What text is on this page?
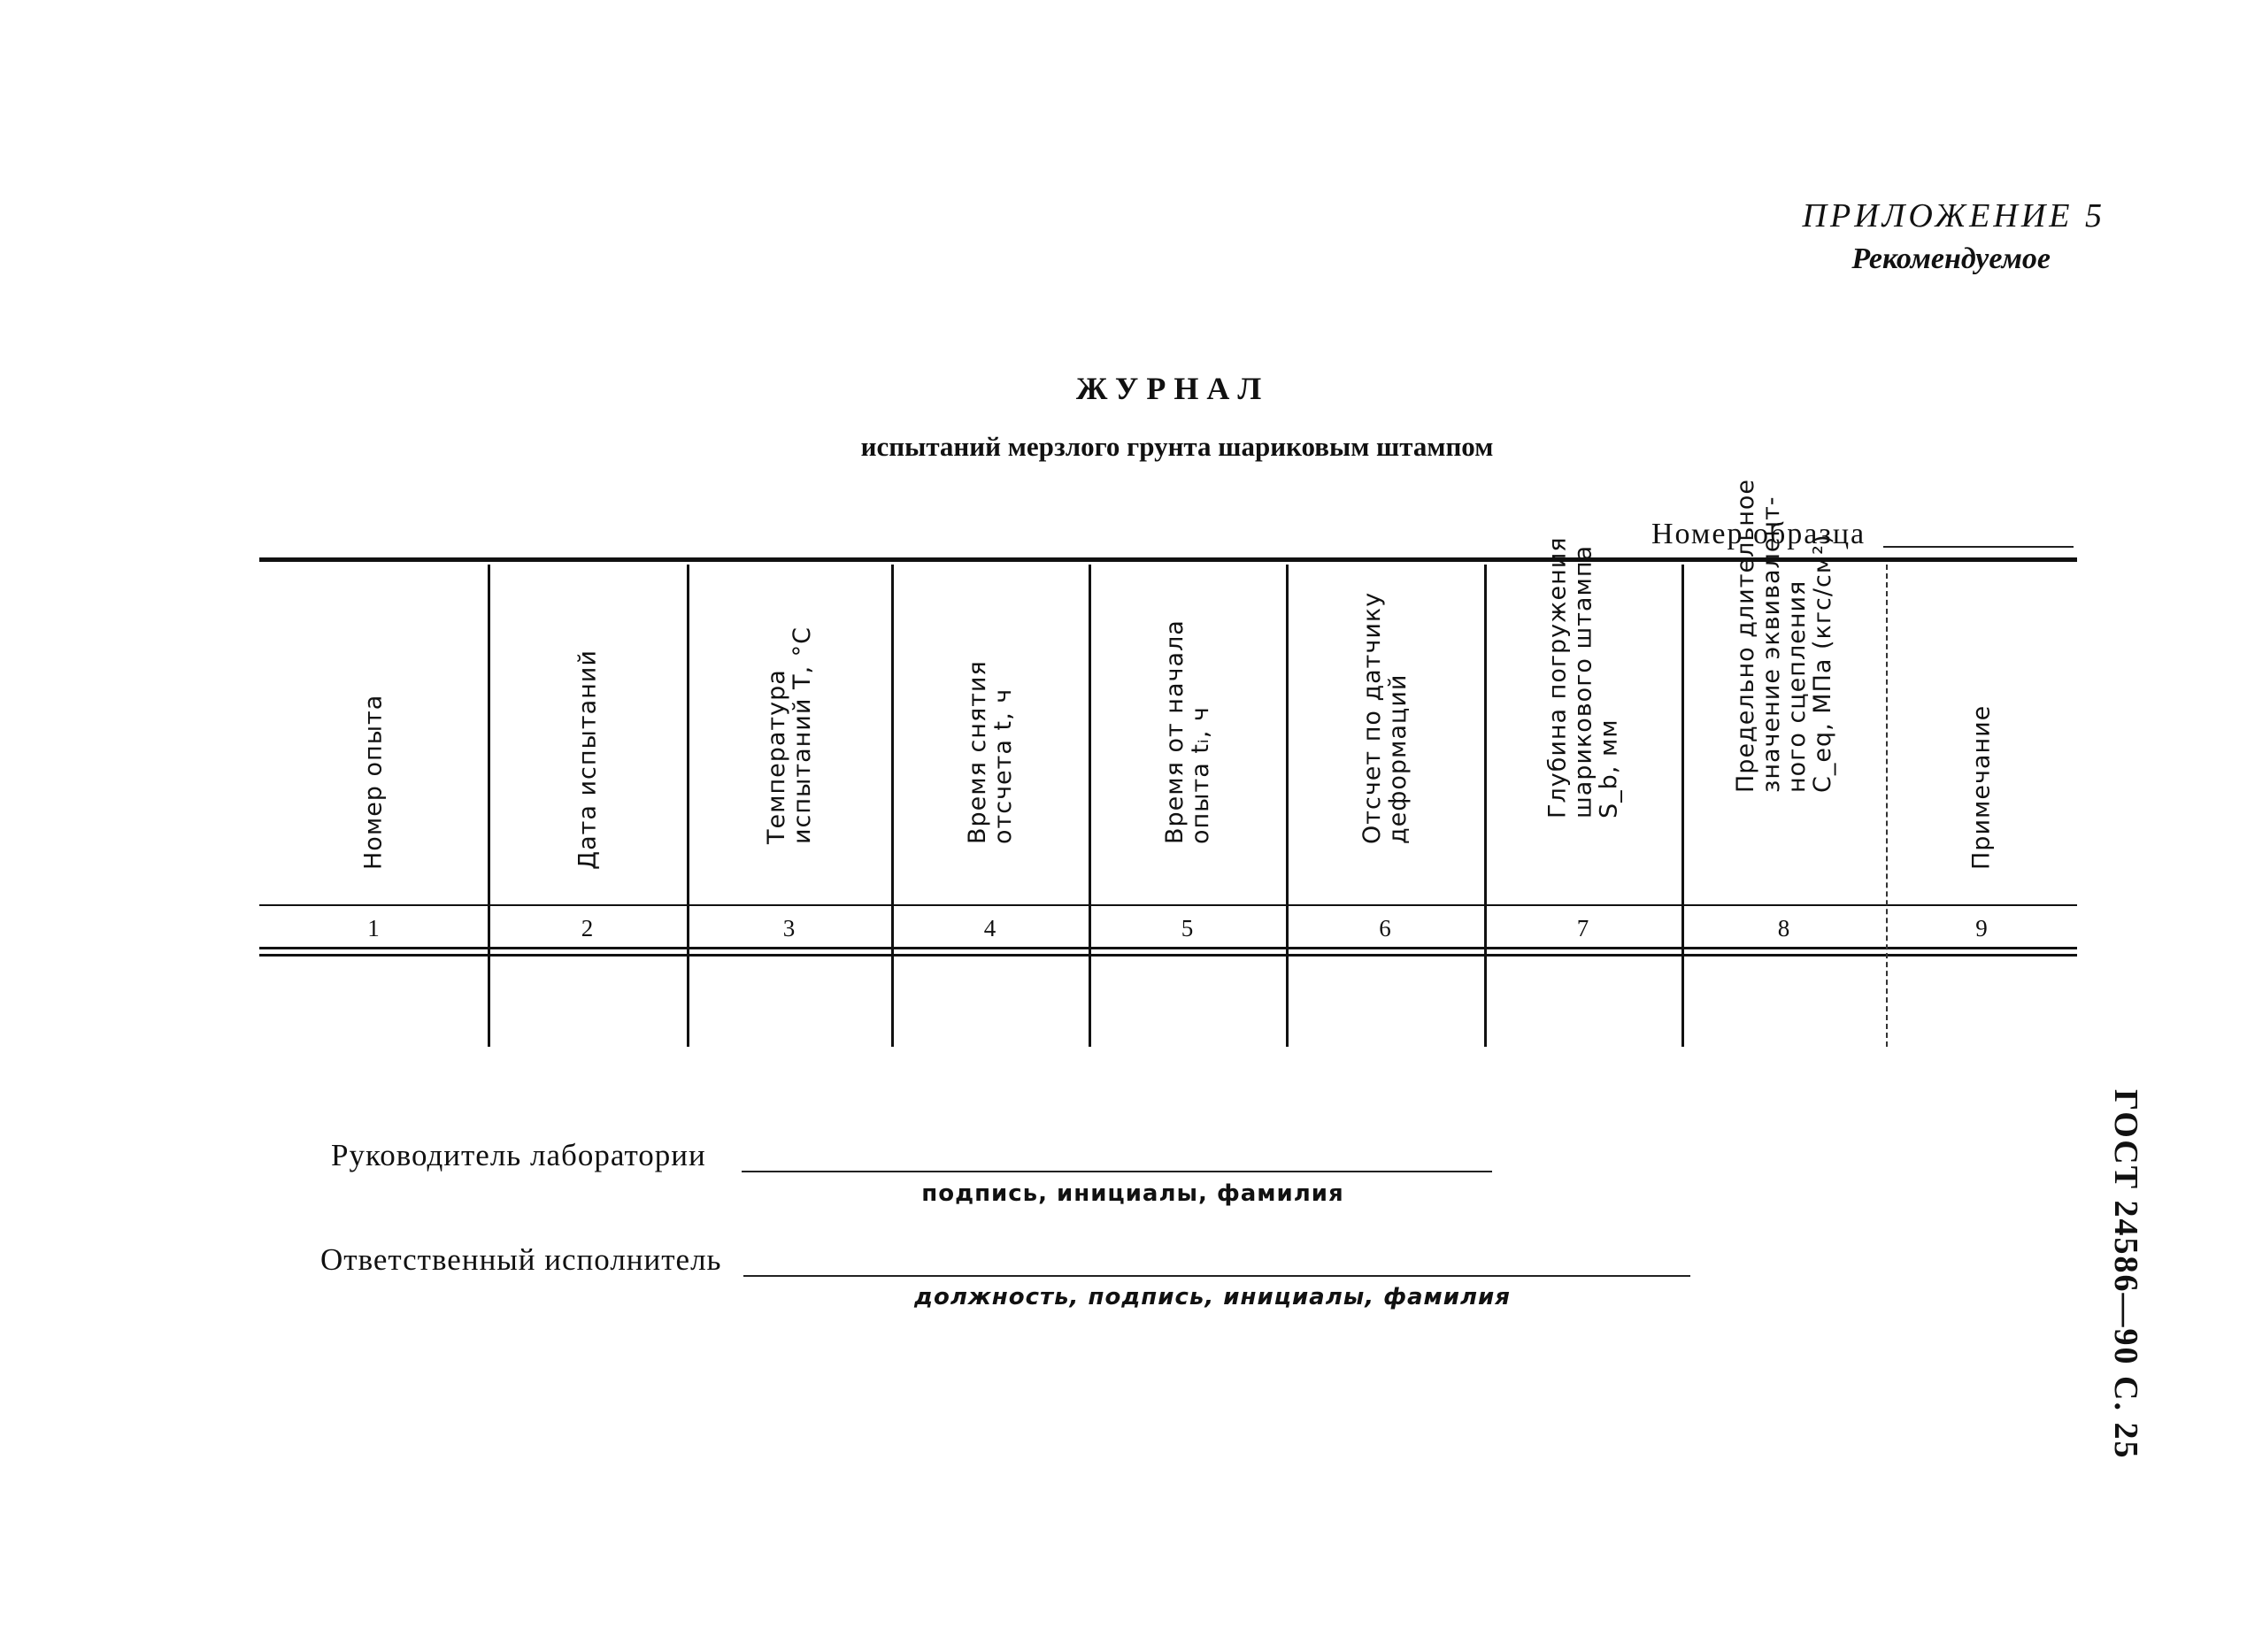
ПРИЛОЖЕНИЕ 5
Рекомендуемое
ЖУРНАЛ
испытаний мерзлого грунта шариковым штампом
Номер образца
Номер опыта
1
Дата испытаний
2
Температура
испытаний T, °C
3
Время снятия
отсчета t, ч
4
Время от начала
опыта tᵢ, ч
5
Отсчет по датчику
деформаций
6
Глубина погружения
шарикового штампа
S_b, мм
7
Предельно длительное
значение эквивалент-
ного сцепления
C_eq, МПа (кгс/см²)
8
Примечание
9
Руководитель лаборатории
подпись, инициалы, фамилия
Ответственный исполнитель
должность, подпись, инициалы, фамилия	ГОСТ 24586—90 С. 25
